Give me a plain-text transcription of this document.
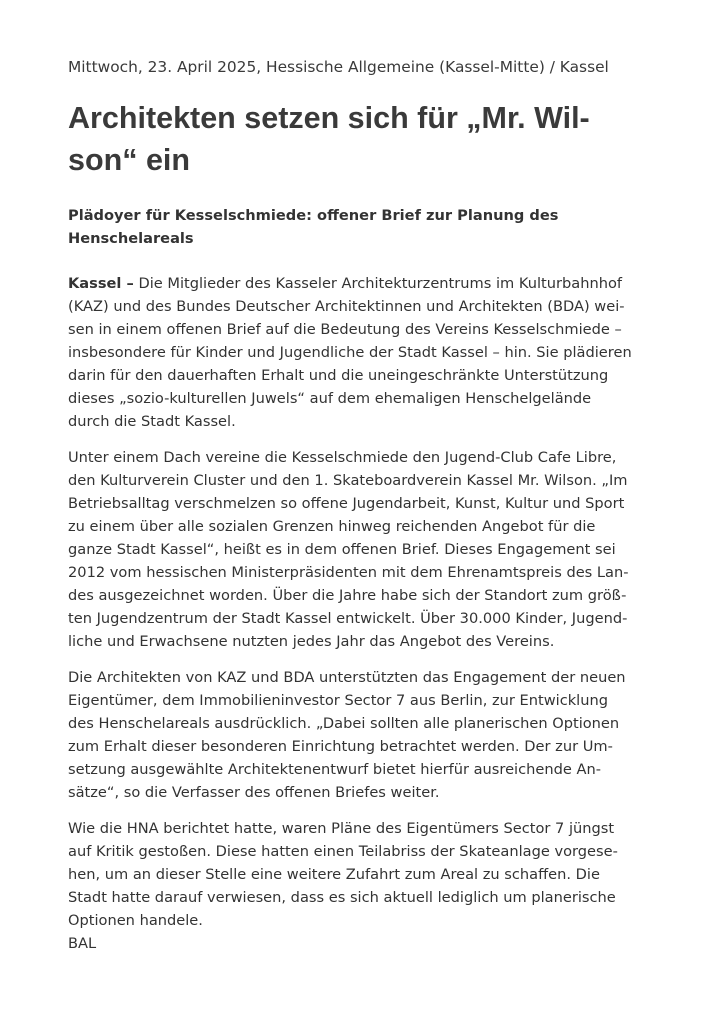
Mittwoch, 23. April 2025, Hessische Allgemeine (Kassel-Mitte) / Kassel

Architekten setzen sich für „Mr. Wil-
son“ ein
Plädoyer für Kesselschmiede: offener Brief zur Planung des
Henschelareals

Kassel – Die Mitglieder des Kasseler Architekturzentrums im Kulturbahnhof
(KAZ) und des Bundes Deutscher Architektinnen und Architekten (BDA) wei-
sen in einem offenen Brief auf die Bedeutung des Vereins Kesselschmiede –
insbesondere für Kinder und Jugendliche der Stadt Kassel – hin. Sie plädieren
darin für den dauerhaften Erhalt und die uneingeschränkte Unterstützung
dieses „sozio-kulturellen Juwels“ auf dem ehemaligen Henschelgelände
durch die Stadt Kassel.

Unter einem Dach vereine die Kesselschmiede den Jugend-Club Cafe Libre,
den Kulturverein Cluster und den 1. Skateboardverein Kassel Mr. Wilson. „Im
Betriebsalltag verschmelzen so offene Jugendarbeit, Kunst, Kultur und Sport
zu einem über alle sozialen Grenzen hinweg reichenden Angebot für die
ganze Stadt Kassel“, heißt es in dem offenen Brief. Dieses Engagement sei
2012 vom hessischen Ministerpräsidenten mit dem Ehrenamtspreis des Lan-
des ausgezeichnet worden. Über die Jahre habe sich der Standort zum größ-
ten Jugendzentrum der Stadt Kassel entwickelt. Über 30.000 Kinder, Jugend-
liche und Erwachsene nutzten jedes Jahr das Angebot des Vereins.

Die Architekten von KAZ und BDA unterstützten das Engagement der neuen
Eigentümer, dem Immobilieninvestor Sector 7 aus Berlin, zur Entwicklung
des Henschelareals ausdrücklich. „Dabei sollten alle planerischen Optionen
zum Erhalt dieser besonderen Einrichtung betrachtet werden. Der zur Um-
setzung ausgewählte Architektenentwurf bietet hierfür ausreichende An-
sätze“, so die Verfasser des offenen Briefes weiter.

Wie die HNA berichtet hatte, waren Pläne des Eigentümers Sector 7 jüngst
auf Kritik gestoßen. Diese hatten einen Teilabriss der Skateanlage vorgese-
hen, um an dieser Stelle eine weitere Zufahrt zum Areal zu schaffen. Die
Stadt hatte darauf verwiesen, dass es sich aktuell lediglich um planerische
Optionen handele.
BAL
